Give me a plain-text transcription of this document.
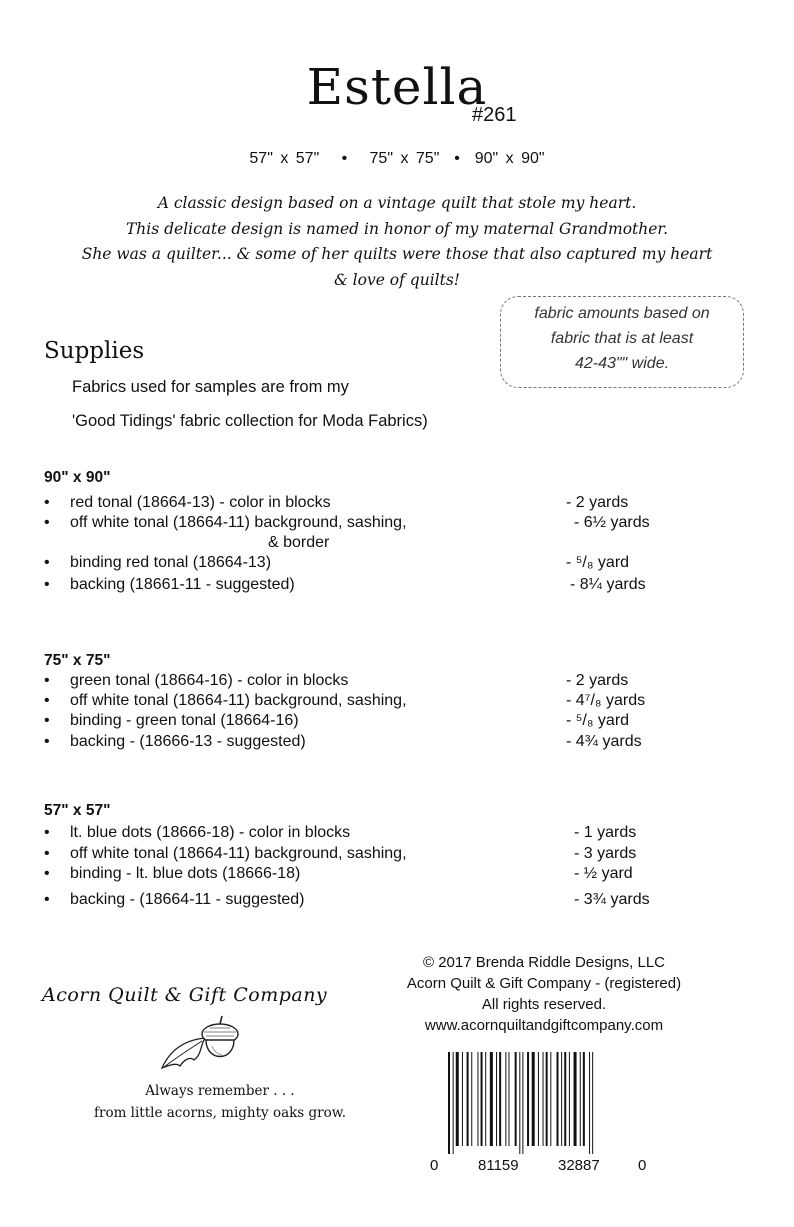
Estella
#261
57" x 57"   •   75" x 75"  •  90" x 90"
A classic design based on a vintage quilt that stole my heart.
This delicate design is named in honor of my maternal Grandmother.
She was a quilter... & some of her quilts were those that also captured my heart
& love of quilts!
fabric amounts based on
fabric that is at least
42-43"" wide.
Supplies
Fabrics used for samples are from my
'Good Tidings' fabric collection for Moda Fabrics)
90" x 90"
• red tonal (18664-13) - color in blocks	- 2 yards
• off white tonal (18664-11) background, sashing,	- 6½ yards
& border
• binding red tonal (18664-13)	- ⁵/₈ yard
• backing (18661-11 - suggested)	- 8¼ yards
75" x 75"
• green tonal (18664-16) - color in blocks	- 2 yards
• off white tonal (18664-11) background, sashing,	- 4⁷/₈ yards
• binding - green tonal (18664-16)	- ⁵/₈ yard
• backing - (18666-13 - suggested)	- 4¾ yards
57" x 57"
• lt. blue dots (18666-18) - color in blocks	- 1 yards
• off white tonal (18664-11) background, sashing,	- 3 yards
• binding - lt. blue dots (18666-18)	- ½ yard
• backing - (18664-11 - suggested)	- 3¾ yards
© 2017 Brenda Riddle Designs, LLC
Acorn Quilt & Gift Company - (registered)
All rights reserved.
www.acornquiltandgiftcompany.com
Acorn Quilt & Gift Company
Always remember . . .
from little acorns, mighty oaks grow.
0	81159	32887	0
